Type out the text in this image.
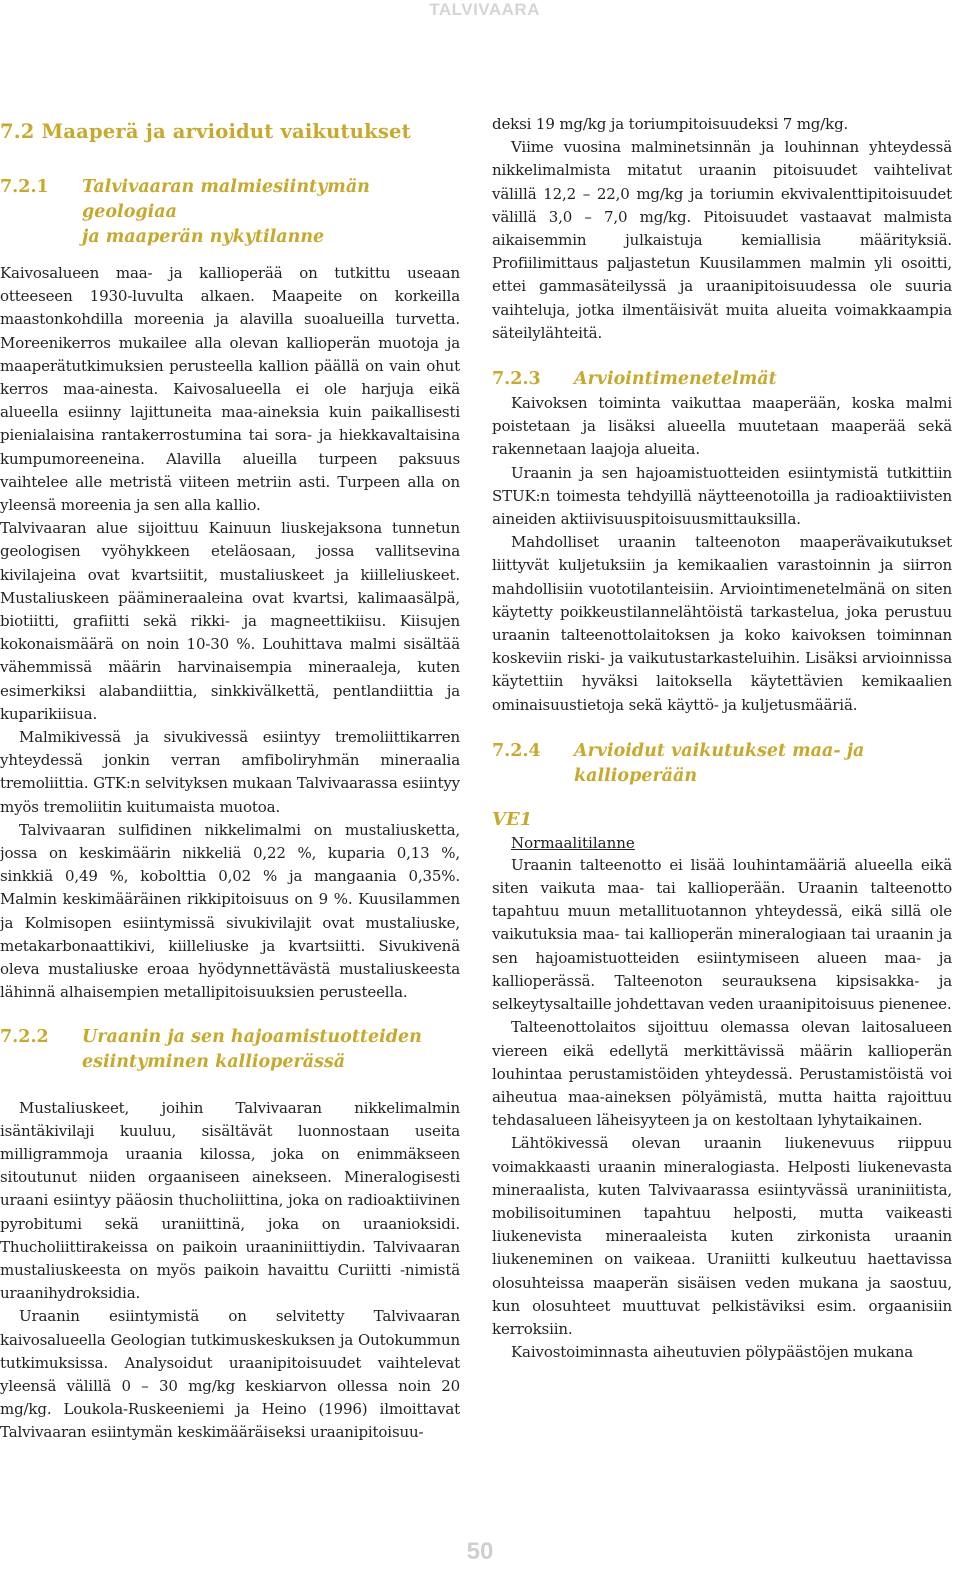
TALVIVAARA
7.2 Maaperä ja arvioidut vaikutukset
7.2.1	Talvivaaran malmiesiintymän geologiaa
ja maaperän nykytilanne

Kaivosalueen maa- ja kallioperää on tutkittu useaan otteeseen 1930-luvulta alkaen. Maapeite on korkeilla maastonkohdilla moreenia ja alavilla suoalueilla turvetta. Moreenikerros mukailee alla olevan kallioperän muotoja ja maaperätutkimuksien perusteella kallion päällä on vain ohut kerros maa-ainesta. Kaivosalueella ei ole harjuja eikä alueella esiinny lajittuneita maa-aineksia kuin paikallisesti pienialaisina rantakerrostumina tai sora- ja hiekkavaltaisina kumpumoreeneina. Alavilla alueilla turpeen paksuus vaihtelee alle metristä viiteen metriin asti. Turpeen alla on yleensä moreenia ja sen alla kallio.

Talvivaaran alue sijoittuu Kainuun liuskejaksona tunnetun geologisen vyöhykkeen eteläosaan, jossa vallitsevina kivilajeina ovat kvartsiitit, mustaliuskeet ja kiilleliuskeet. Mustaliuskeen päämineraaleina ovat kvartsi, kalimaasälpä, biotiitti, grafiitti sekä rikki- ja magneettikiisu. Kiisujen kokonaismäärä on noin 10-30 %. Louhittava malmi sisältää vähemmissä määrin harvinaisempia mineraaleja, kuten esimerkiksi alabandiittia, sinkkivälkettä, pentlandiittia ja kuparikiisua.

Malmikivessä ja sivukivessä esiintyy tremoliittikarren yhteydessä jonkin verran amfiboliryhmän mineraalia tremoliittia. GTK:n selvityksen mukaan Talvivaarassa esiintyy myös tremoliitin kuitumaista muotoa.

Talvivaaran sulfidinen nikkelimalmi on mustaliusketta, jossa on keskimäärin nikkeliä 0,22 %, kuparia 0,13 %, sinkkiä 0,49 %, kobolttia 0,02 % ja mangaania 0,35%. Malmin keskimääräinen rikkipitoisuus on 9 %. Kuusilammen ja Kolmisopen esiintymissä sivukivilajit ovat mustaliuske, metakarbonaattikivi, kiilleliuske ja kvartsiitti. Sivukivenä oleva mustaliuske eroaa hyödynnettävästä mustaliuskeesta lähinnä alhaisempien metallipitoisuuksien perusteella.

7.2.2	Uraanin ja sen hajoamistuotteiden
esiintyminen kallioperässä

Mustaliuskeet, joihin Talvivaaran nikkelimalmin isäntäkivilaji kuuluu, sisältävät luonnostaan useita milligrammoja uraania kilossa, joka on enimmäkseen sitoutunut niiden orgaaniseen ainekseen. Mineralogisesti uraani esiintyy pääosin thucholiittina, joka on radioaktiivinen pyrobitumi sekä uraniittinä, joka on uraanioksidi. Thucholiittirakeissa on paikoin uraaniniittiydin. Talvivaaran mustaliuskeesta on myös paikoin havaittu Curiitti -nimistä uraanihydroksidia.

Uraanin esiintymistä on selvitetty Talvivaaran kaivosalueella Geologian tutkimuskeskuksen ja Outokummun tutkimuksissa. Analysoidut uraanipitoisuudet vaihtelevat yleensä välillä 0 – 30 mg/kg keskiarvon ollessa noin 20 mg/kg. Loukola-Ruskeeniemi ja Heino (1996) ilmoittavat Talvivaaran esiintymän keskimääräiseksi uraanipitoisuu-

deksi 19 mg/kg ja toriumpitoisuudeksi 7 mg/kg.

Viime vuosina malminetsinnän ja louhinnan yhteydessä nikkelimalmista mitatut uraanin pitoisuudet vaihtelivat välillä 12,2 – 22,0 mg/kg ja toriumin ekvivalenttipitoisuudet välillä 3,0 – 7,0 mg/kg. Pitoisuudet vastaavat malmista aikaisemmin julkaistuja kemiallisia määrityksiä. Profiilimittaus paljastetun Kuusilammen malmin yli osoitti, ettei gammasäteilyssä ja uraanipitoisuudessa ole suuria vaihteluja, jotka ilmentäisivät muita alueita voimakkaampia säteilylähteitä.

7.2.3	Arviointimenetelmät

Kaivoksen toiminta vaikuttaa maaperään, koska malmi poistetaan ja lisäksi alueella muutetaan maaperää sekä rakennetaan laajoja alueita.

Uraanin ja sen hajoamistuotteiden esiintymistä tutkittiin STUK:n toimesta tehdyillä näytteenotoilla ja radioaktiivisten aineiden aktiivisuuspitoisuusmittauksilla.

Mahdolliset uraanin talteenoton maaperävaikutukset liittyvät kuljetuksiin ja kemikaalien varastoinnin ja siirron mahdollisiin vuototilanteisiin. Arviointimenetelmänä on siten käytetty poikkeustilannelähtöistä tarkastelua, joka perustuu uraanin talteenottolaitoksen ja koko kaivoksen toiminnan koskeviin riski- ja vaikutustarkasteluihin. Lisäksi arvioinnissa käytettiin hyväksi laitoksella käytettävien kemikaalien ominaisuustietoja sekä käyttö- ja kuljetusmääriä.

7.2.4	Arvioidut vaikutukset maa- ja
kallioperään
VE1
Normaalitilanne

Uraanin talteenotto ei lisää louhintamääriä alueella eikä siten vaikuta maa- tai kallioperään. Uraanin talteenotto tapahtuu muun metallituotannon yhteydessä, eikä sillä ole vaikutuksia maa- tai kallioperän mineralogiaan tai uraanin ja sen hajoamistuotteiden esiintymiseen alueen maa- ja kallioperässä. Talteenoton seurauksena kipsisakka- ja selkeytysaltaille johdettavan veden uraanipitoisuus pienenee.

Talteenottolaitos sijoittuu olemassa olevan laitosalueen viereen eikä edellytä merkittävissä määrin kallioperän louhintaa perustamistöiden yhteydessä. Perustamistöistä voi aiheutua maa-aineksen pölyämistä, mutta haitta rajoittuu tehdasalueen läheisyyteen ja on kestoltaan lyhytaikainen.

Lähtökivessä olevan uraanin liukenevuus riippuu voimakkaasti uraanin mineralogiasta. Helposti liukenevasta mineraalista, kuten Talvivaarassa esiintyvässä uraniniitista, mobilisoituminen tapahtuu helposti, mutta vaikeasti liukenevista mineraaleista kuten zirkonista uraanin liukeneminen on vaikeaa. Uraniitti kulkeutuu haettavissa olosuhteissa maaperän sisäisen veden mukana ja saostuu, kun olosuhteet muuttuvat pelkistäviksi esim. orgaanisiin kerroksiin.

Kaivostoiminnasta aiheutuvien pölypäästöjen mukana

50
